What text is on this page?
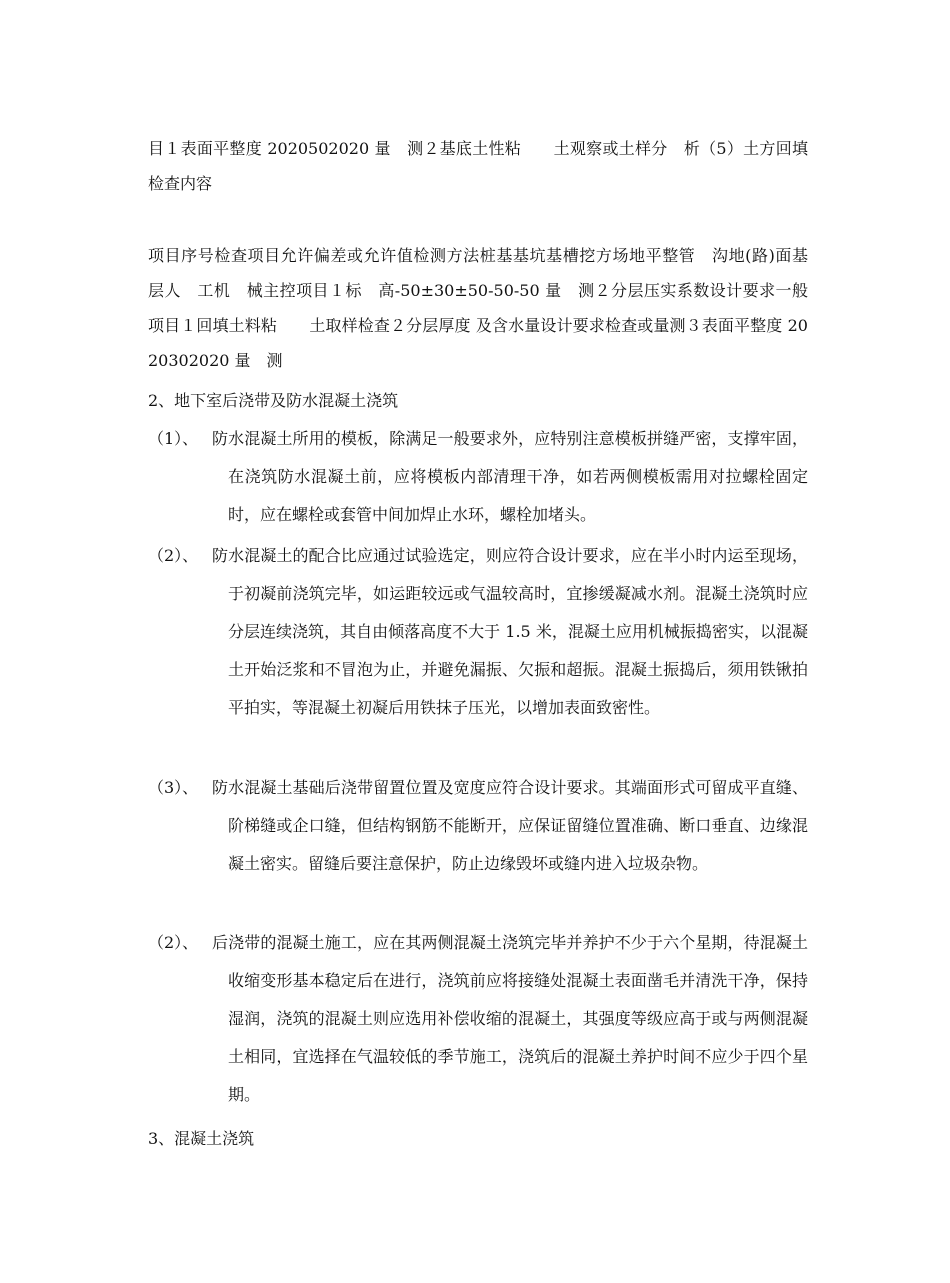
目１表面平整度 2020502020 量　测２基底土性粘　　土观察或土样分　析（5）土方回填检查内容

项目序号检查项目允许偏差或允许值检测方法桩基基坑基槽挖方场地平整管　沟地(路)面基　　层人　工机　械主控项目１标　高-50±30±50-50-50 量　测２分层压实系数设计要求一般项目１回填土料粘　　土取样检查２分层厚度 及含水量设计要求检查或量测３表面平整度 2020302020 量　测

2、地下室后浇带及防水混凝土浇筑

（1）、 防水混凝土所用的模板，除满足一般要求外，应特别注意模板拼缝严密，支撑牢固，在浇筑防水混凝土前，应将模板内部清理干净，如若两侧模板需用对拉螺栓固定时，应在螺栓或套管中间加焊止水环，螺栓加堵头。
（2）、 防水混凝土的配合比应通过试验选定，则应符合设计要求，应在半小时内运至现场，于初凝前浇筑完毕，如运距较远或气温较高时，宜掺缓凝减水剂。混凝土浇筑时应分层连续浇筑，其自由倾落高度不大于 1.5 米，混凝土应用机械振捣密实，以混凝土开始泛浆和不冒泡为止，并避免漏振、欠振和超振。混凝土振捣后，须用铁锹拍平拍实，等混凝土初凝后用铁抹子压光，以增加表面致密性。
（3）、 防水混凝土基础后浇带留置位置及宽度应符合设计要求。其端面形式可留成平直缝、阶梯缝或企口缝，但结构钢筋不能断开，应保证留缝位置准确、断口垂直、边缘混凝土密实。留缝后要注意保护，防止边缘毁坏或缝内进入垃圾杂物。
（2）、 后浇带的混凝土施工，应在其两侧混凝土浇筑完毕并养护不少于六个星期，待混凝土收缩变形基本稳定后在进行，浇筑前应将接缝处混凝土表面凿毛并清洗干净，保持湿润，浇筑的混凝土则应选用补偿收缩的混凝土，其强度等级应高于或与两侧混凝土相同，宜选择在气温较低的季节施工，浇筑后的混凝土养护时间不应少于四个星期。

3、混凝土浇筑
